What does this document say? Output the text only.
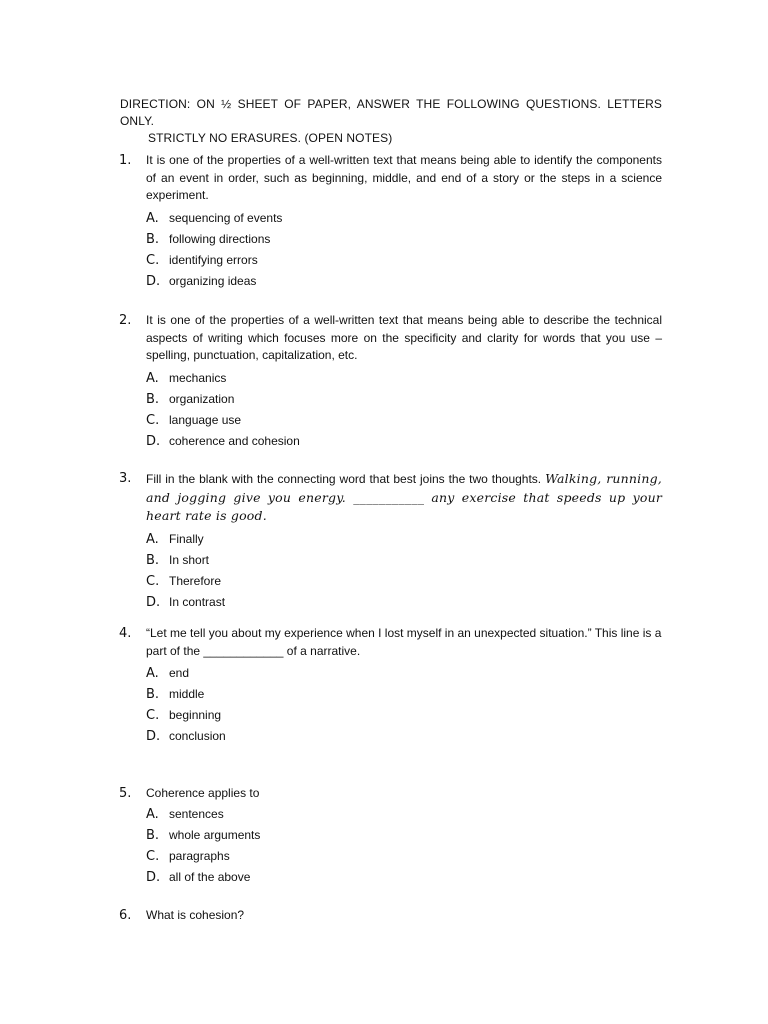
DIRECTION: ON ½ SHEET OF PAPER, ANSWER THE FOLLOWING QUESTIONS. LETTERS ONLY.
STRICTLY NO ERASURES. (OPEN NOTES)
1. It is one of the properties of a well-written text that means being able to identify the components of an event in order, such as beginning, middle, and end of a story or the steps in a science experiment.
A. sequencing of events
B. following directions
C. identifying errors
D. organizing ideas
2. It is one of the properties of a well-written text that means being able to describe the technical aspects of writing which focuses more on the specificity and clarity for words that you use – spelling, punctuation, capitalization, etc.
A. mechanics
B. organization
C. language use
D. coherence and cohesion
3. Fill in the blank with the connecting word that best joins the two thoughts. Walking, running, and jogging give you energy. ___________ any exercise that speeds up your heart rate is good.
A. Finally
B. In short
C. Therefore
D. In contrast
4. “Let me tell you about my experience when I lost myself in an unexpected situation.” This line is a part of the ____________ of a narrative.
A. end
B. middle
C. beginning
D. conclusion
5. Coherence applies to
A. sentences
B. whole arguments
C. paragraphs
D. all of the above
6. What is cohesion?
